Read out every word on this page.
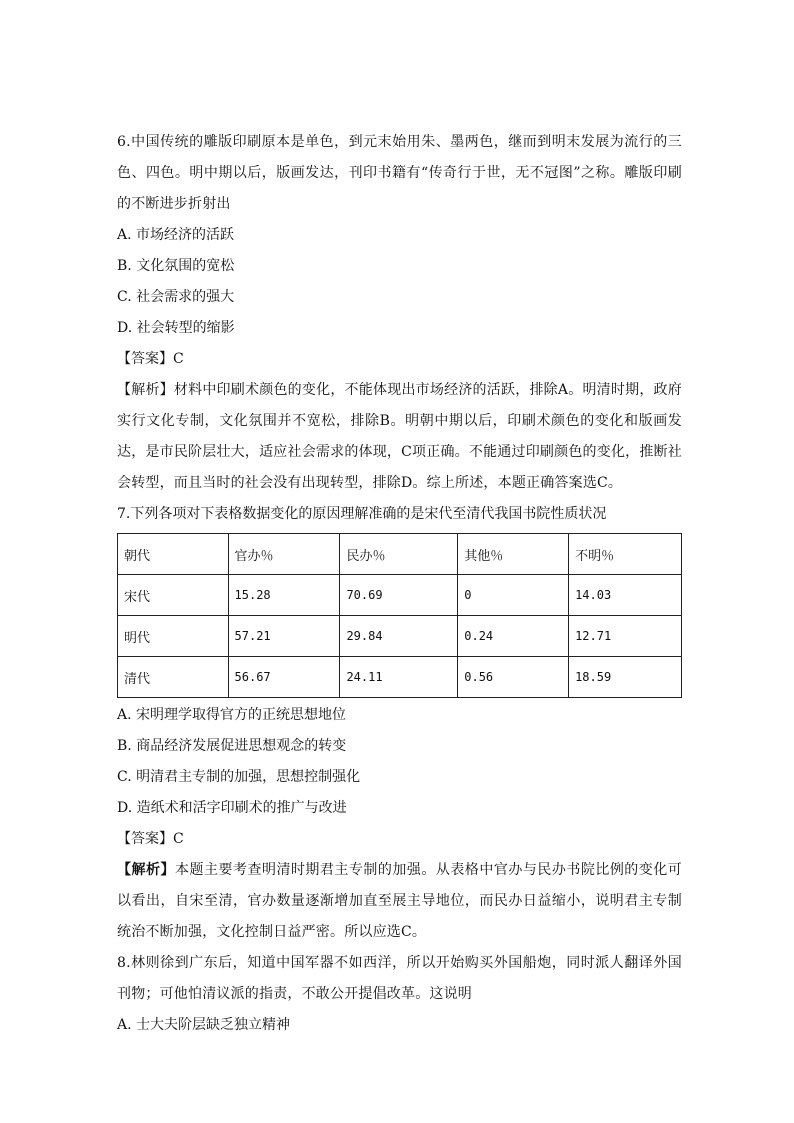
6.中国传统的雕版印刷原本是单色，到元末始用朱、墨两色，继而到明末发展为流行的三色、四色。明中期以后，版画发达，刊印书籍有“传奇行于世，无不冠图”之称。雕版印刷的不断进步折射出

A. 市场经济的活跃

B. 文化氛围的宽松

C. 社会需求的强大

D. 社会转型的缩影

【答案】C

【解析】材料中印刷术颜色的变化，不能体现出市场经济的活跃，排除A。明清时期，政府实行文化专制，文化氛围并不宽松，排除B。明朝中期以后，印刷术颜色的变化和版画发达，是市民阶层壮大，适应社会需求的体现，C项正确。不能通过印刷颜色的变化，推断社会转型，而且当时的社会没有出现转型，排除D。综上所述，本题正确答案选C。

7.下列各项对下表格数据变化的原因理解准确的是宋代至清代我国书院性质状况

朝代	官办％	民办％	其他％	不明％
宋代	15.28	70.69	0	14.03
明代	57.21	29.84	0.24	12.71
清代	56.67	24.11	0.56	18.59

A. 宋明理学取得官方的正统思想地位

B. 商品经济发展促进思想观念的转变

C. 明清君主专制的加强，思想控制强化

D. 造纸术和活字印刷术的推广与改进

【答案】C

【解析】本题主要考查明清时期君主专制的加强。从表格中官办与民办书院比例的变化可以看出，自宋至清，官办数量逐渐增加直至展主导地位，而民办日益缩小，说明君主专制统治不断加强，文化控制日益严密。所以应选C。

8.林则徐到广东后，知道中国军器不如西洋，所以开始购买外国船炮，同时派人翻译外国刊物；可他怕清议派的指责，不敢公开提倡改革。这说明

A. 士大夫阶层缺乏独立精神
